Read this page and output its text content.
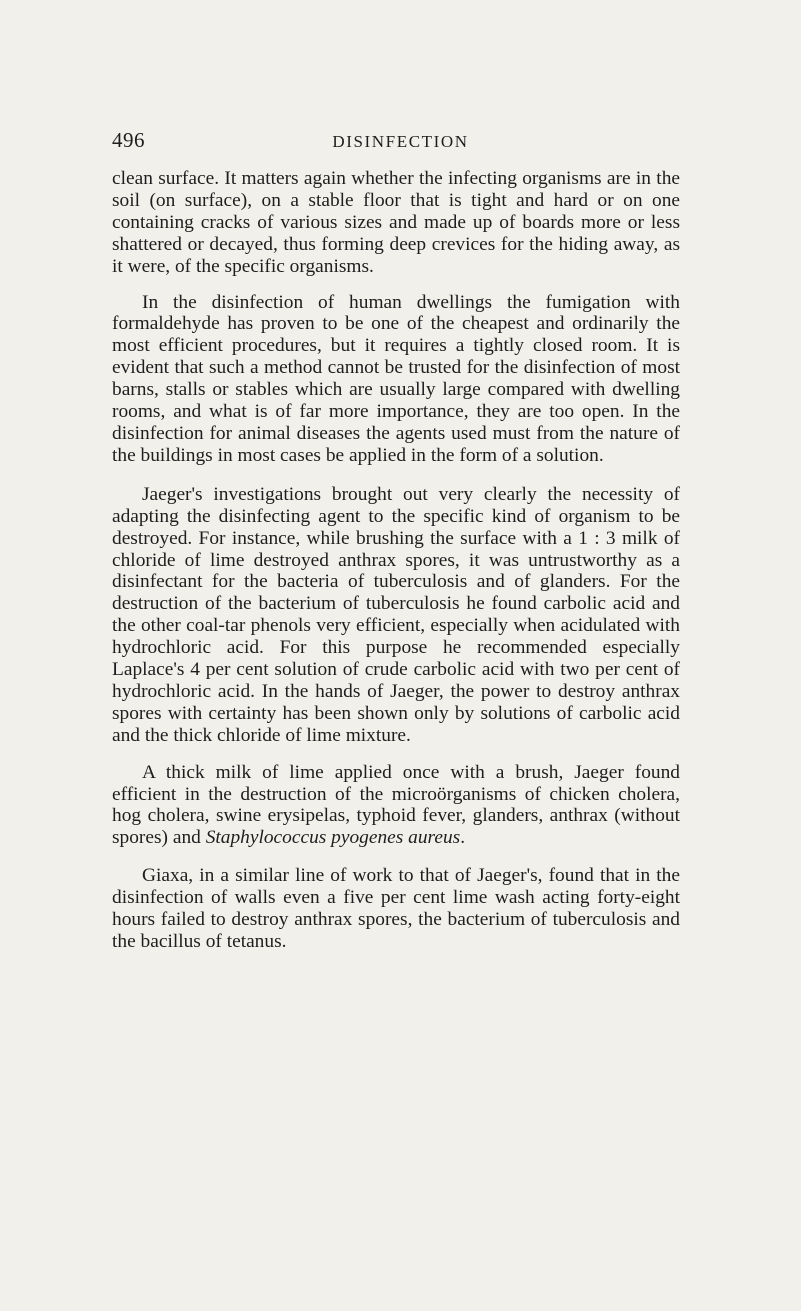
496	DISINFECTION

clean surface. It matters again whether the infecting organisms are in the soil (on surface), on a stable floor that is tight and hard or on one containing cracks of various sizes and made up of boards more or less shattered or decayed, thus forming deep crevices for the hiding away, as it were, of the specific organisms.

In the disinfection of human dwellings the fumigation with formaldehyde has proven to be one of the cheapest and ordinarily the most efficient procedures, but it requires a tightly closed room. It is evident that such a method cannot be trusted for the disinfection of most barns, stalls or stables which are usually large compared with dwelling rooms, and what is of far more importance, they are too open. In the disinfection for animal diseases the agents used must from the nature of the buildings in most cases be applied in the form of a solution.

Jaeger's investigations brought out very clearly the necessity of adapting the disinfecting agent to the specific kind of organism to be destroyed. For instance, while brushing the surface with a 1 : 3 milk of chloride of lime destroyed anthrax spores, it was untrustworthy as a disinfectant for the bacteria of tuberculosis and of glanders. For the destruction of the bacterium of tuberculosis he found carbolic acid and the other coal-tar phenols very efficient, especially when acidulated with hydrochloric acid. For this purpose he recommended especially Laplace's 4 per cent solution of crude carbolic acid with two per cent of hydrochloric acid. In the hands of Jaeger, the power to destroy anthrax spores with certainty has been shown only by solutions of carbolic acid and the thick chloride of lime mixture.

A thick milk of lime applied once with a brush, Jaeger found efficient in the destruction of the microörganisms of chicken cholera, hog cholera, swine erysipelas, typhoid fever, glanders, anthrax (without spores) and Staphylococcus pyogenes aureus.

Giaxa, in a similar line of work to that of Jaeger's, found that in the disinfection of walls even a five per cent lime wash acting forty-eight hours failed to destroy anthrax spores, the bacterium of tuberculosis and the bacillus of tetanus.
